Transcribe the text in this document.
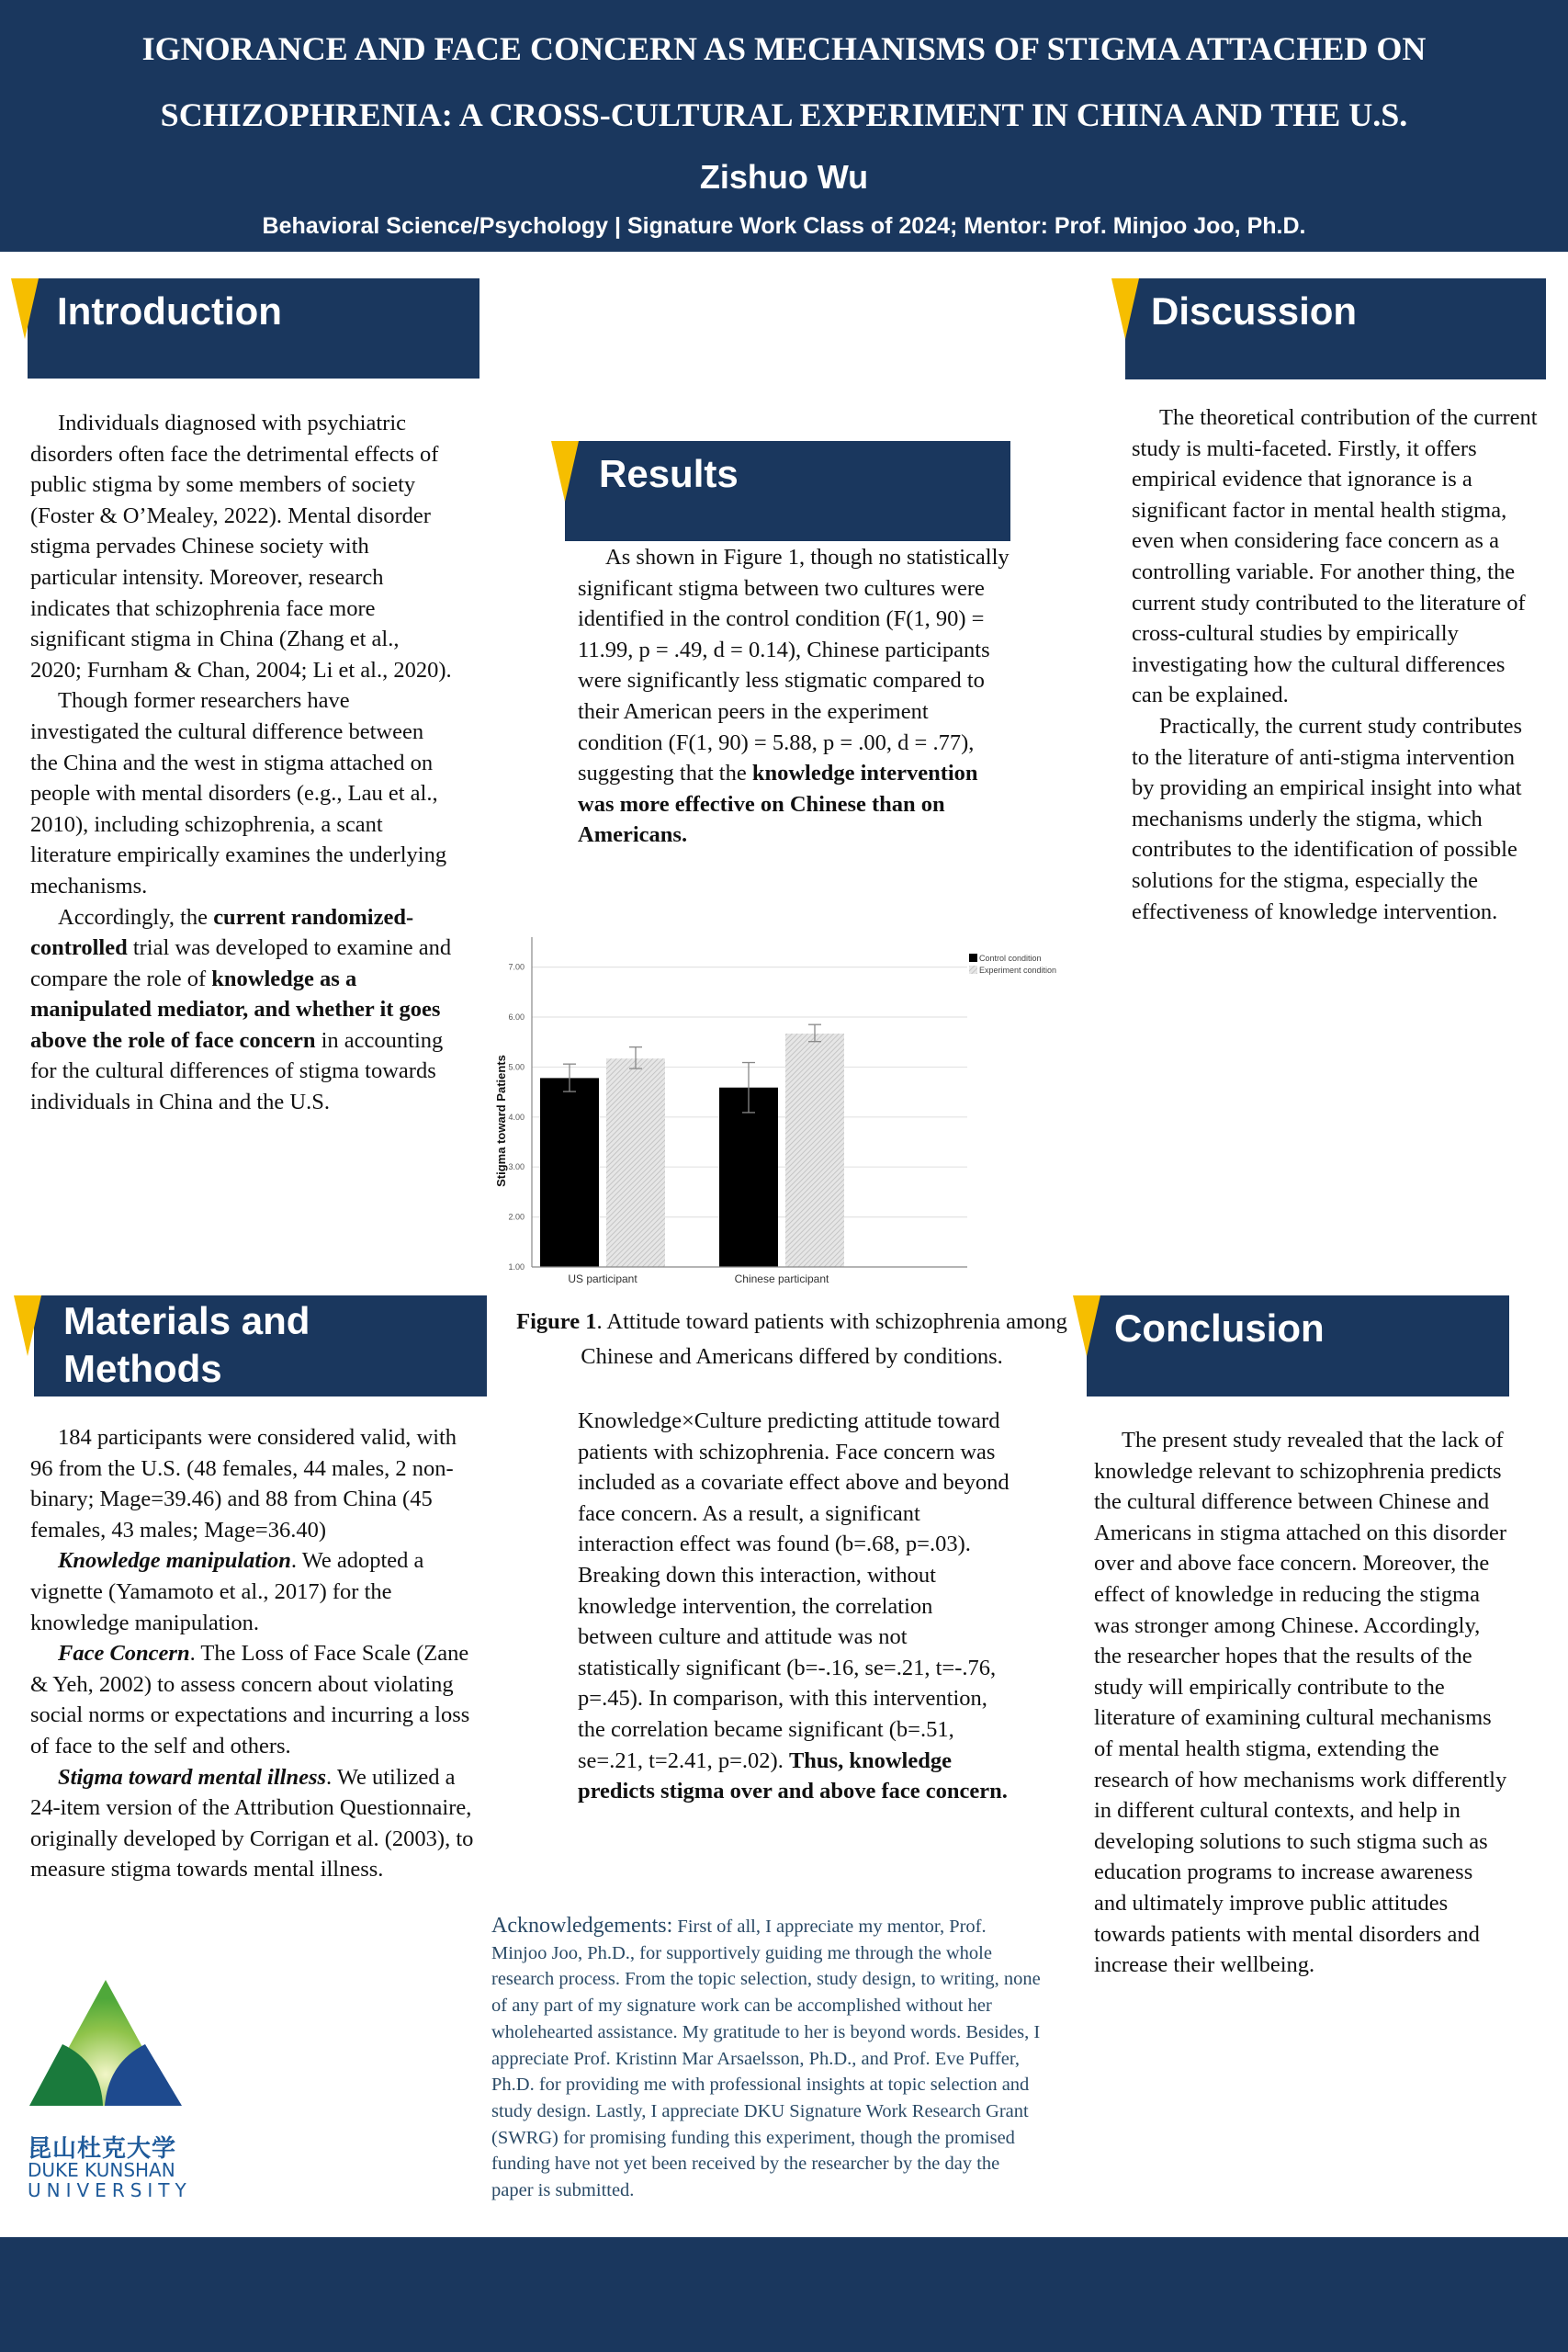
IGNORANCE AND FACE CONCERN AS MECHANISMS OF STIGMA ATTACHED ON
SCHIZOPHRENIA: A CROSS-CULTURAL EXPERIMENT IN CHINA AND THE U.S.
Zishuo Wu
Behavioral Science/Psychology | Signature Work Class of 2024; Mentor: Prof. Minjoo Joo, Ph.D.
Introduction

Individuals diagnosed with psychiatric disorders often face the detrimental effects of public stigma by some members of society (Foster & O’Mealey, 2022). Mental disorder stigma pervades Chinese society with particular intensity. Moreover, research indicates that schizophrenia face more significant stigma in China (Zhang et al., 2020; Furnham & Chan, 2004; Li et al., 2020).

Though former researchers have investigated the cultural difference between the China and the west in stigma attached on people with mental disorders (e.g., Lau et al., 2010), including schizophrenia, a scant literature empirically examines the underlying mechanisms.

Accordingly, the current randomized-controlled trial was developed to examine and compare the role of knowledge as a manipulated mediator, and whether it goes above the role of face concern in accounting for the cultural differences of stigma towards individuals in China and the U.S.

Materials and
Methods

184 participants were considered valid, with 96 from the U.S. (48 females, 44 males, 2 non-binary; Mage=39.46) and 88 from China (45 females, 43 males; Mage=36.40)

Knowledge manipulation. We adopted a vignette (Yamamoto et al., 2017) for the knowledge manipulation.

Face Concern. The Loss of Face Scale (Zane & Yeh, 2002) to assess concern about violating social norms or expectations and incurring a loss of face to the self and others.

Stigma toward mental illness. We utilized a 24-item version of the Attribution Questionnaire, originally developed by Corrigan et al. (2003), to measure stigma towards mental illness.

昆山杜克大学
DUKE KUNSHAN
UNIVERSITY
Results

As shown in Figure 1, though no statistically significant stigma between two cultures were identified in the control condition (F(1, 90) = 11.99, p = .49, d = 0.14), Chinese participants were significantly less stigmatic compared to their American peers in the experiment condition (F(1, 90) = 5.88, p = .00, d = .77), suggesting that the knowledge intervention was more effective on Chinese than on Americans.

1.00
2.00
3.00
4.00
5.00
6.00
7.00
US participant	Chinese participant
Stigma toward Patients
Control condition
Experiment condition
Figure 1. Attitude toward patients with schizophrenia among Chinese and Americans differed by conditions.

Knowledge×Culture predicting attitude toward patients with schizophrenia. Face concern was included as a covariate effect above and beyond face concern. As a result, a significant interaction effect was found (b=.68, p=.03). Breaking down this interaction, without knowledge intervention, the correlation between culture and attitude was not statistically significant (b=-.16, se=.21, t=-.76, p=.45). In comparison, with this intervention, the correlation became significant (b=.51, se=.21, t=2.41, p=.02). Thus, knowledge predicts stigma over and above face concern.

Acknowledgements: First of all, I appreciate my mentor, Prof. Minjoo Joo, Ph.D., for supportively guiding me through the whole research process. From the topic selection, study design, to writing, none of any part of my signature work can be accomplished without her wholehearted assistance. My gratitude to her is beyond words. Besides, I appreciate Prof. Kristinn Mar Arsaelsson, Ph.D., and Prof. Eve Puffer, Ph.D. for providing me with professional insights at topic selection and study design. Lastly, I appreciate DKU Signature Work Research Grant (SWRG) for promising funding this experiment, though the promised funding have not yet been received by the researcher by the day the paper is submitted.
Discussion

The theoretical contribution of the current study is multi-faceted. Firstly, it offers empirical evidence that ignorance is a significant factor in mental health stigma, even when considering face concern as a controlling variable. For another thing, the current study contributed to the literature of cross-cultural studies by empirically investigating how the cultural differences can be explained.

Practically, the current study contributes to the literature of anti-stigma intervention by providing an empirical insight into what mechanisms underly the stigma, which contributes to the identification of possible solutions for the stigma, especially the effectiveness of knowledge intervention.

Conclusion

The present study revealed that the lack of knowledge relevant to schizophrenia predicts the cultural difference between Chinese and Americans in stigma attached on this disorder over and above face concern. Moreover, the effect of knowledge in reducing the stigma was stronger among Chinese. Accordingly, the researcher hopes that the results of the study will empirically contribute to the literature of examining cultural mechanisms of mental health stigma, extending the research of how mechanisms work differently in different cultural contexts, and help in developing solutions to such stigma such as education programs to increase awareness and ultimately improve public attitudes towards patients with mental disorders and increase their wellbeing.
